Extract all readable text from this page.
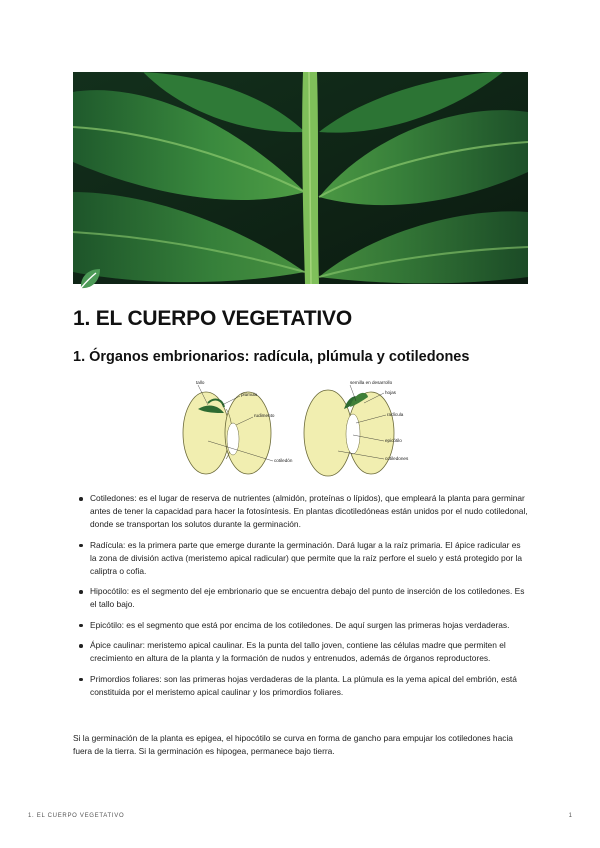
1. EL CUERPO VEGETATIVO
1. Órganos embrionarios: radícula, plúmula y cotiledones
tallo
plúmula
rudimento
cotiledón
semilla en desarrollo
hojas
radícula
epicótilo
cotiledones
Cotiledones: es el lugar de reserva de nutrientes (almidón, proteínas o lípidos), que empleará la planta para germinar antes de tener la capacidad para hacer la fotosíntesis. En plantas dicotiledóneas están unidos por el nudo cotiledonal, donde se transportan los solutos durante la germinación.
Radícula: es la primera parte que emerge durante la germinación. Dará lugar a la raíz primaria. El ápice radicular es la zona de división activa (meristemo apical radicular) que permite que la raíz perfore el suelo y está protegido por la caliptra o cofia.
Hipocótilo: es el segmento del eje embrionario que se encuentra debajo del punto de inserción de los cotiledones. Es el tallo bajo.
Epicótilo: es el segmento que está por encima de los cotiledones. De aquí surgen las primeras hojas verdaderas.
Ápice caulinar: meristemo apical caulinar. Es la punta del tallo joven, contiene las células madre que permiten el crecimiento en altura de la planta y la formación de nudos y entrenudos, además de órganos reproductores.
Primordios foliares: son las primeras hojas verdaderas de la planta. La plúmula es la yema apical del embrión, está constituida por el meristemo apical caulinar y los primordios foliares.

Si la germinación de la planta es epigea, el hipocótilo se curva en forma de gancho para empujar los cotiledones hacia fuera de la tierra. Si la germinación es hipogea, permanece bajo tierra.

1. EL CUERPO VEGETATIVO	1
